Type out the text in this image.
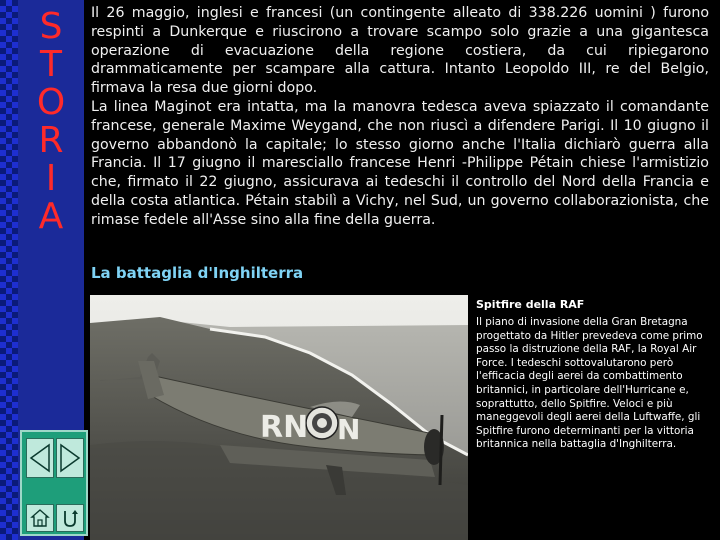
S
T
O
R
I
A

Il 26 maggio, inglesi e francesi (un contingente alleato di 338.226 uomini ) furono respinti a Dunkerque e riuscirono a trovare scampo solo grazie a una gigantesca operazione di evacuazione della regione costiera, da cui ripiegarono drammaticamente per scampare alla cattura. Intanto Leopoldo III, re del Belgio, firmava la resa due giorni dopo.

La linea Maginot era intatta, ma la manovra tedesca aveva spiazzato il comandante francese, generale Maxime Weygand, che non riuscì a difendere Parigi. Il 10 giugno il governo abbandonò la capitale; lo stesso giorno anche l'Italia dichiarò guerra alla Francia. Il 17 giugno il maresciallo francese Henri -Philippe Pétain chiese l'armistizio che, firmato il 22 giugno, assicurava ai tedeschi il controllo del Nord della Francia e della costa atlantica. Pétain stabilì a Vichy, nel Sud, un governo collaborazionista, che rimase fedele all'Asse sino alla fine della guerra.

La battaglia d'Inghilterra
RN N
Spitfire della RAF

Il piano di invasione della Gran Bretagna progettato da Hitler prevedeva come primo passo la distruzione della RAF, la Royal Air Force. I tedeschi sottovalutarono però l'efficacia degli aerei da combattimento britannici, in particolare dell'Hurricane e, soprattutto, dello Spitfire. Veloci e più maneggevoli degli aerei della Luftwaffe, gli Spitfire furono determinanti per la vittoria britannica nella battaglia d'Inghilterra.
